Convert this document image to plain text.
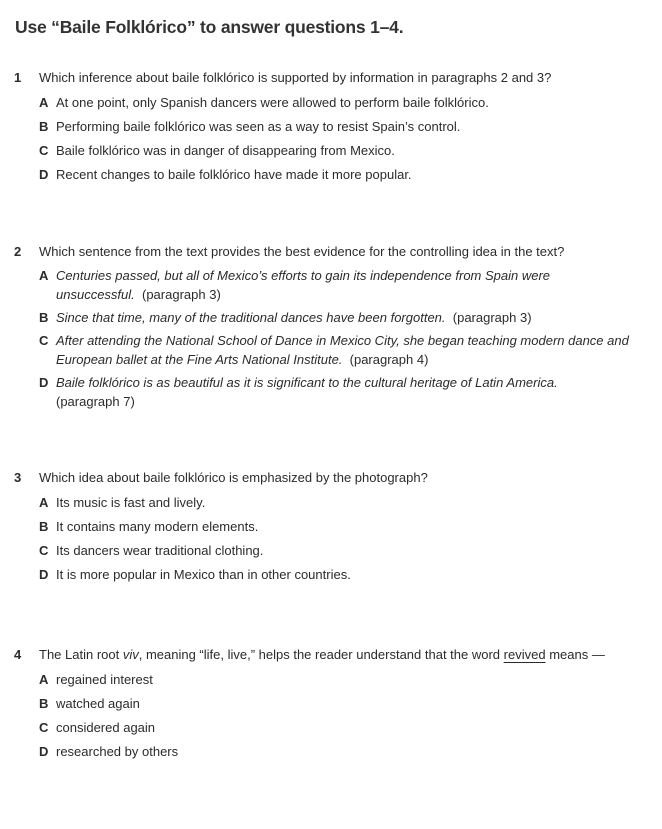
Use “Baile Folklórico” to answer questions 1–4.
1 Which inference about baile folklórico is supported by information in paragraphs 2 and 3?
A At one point, only Spanish dancers were allowed to perform baile folklórico.
B Performing baile folklórico was seen as a way to resist Spain’s control.
C Baile folklórico was in danger of disappearing from Mexico.
D Recent changes to baile folklórico have made it more popular.
2 Which sentence from the text provides the best evidence for the controlling idea in the text?
A Centuries passed, but all of Mexico’s efforts to gain its independence from Spain were unsuccessful. (paragraph 3)
B Since that time, many of the traditional dances have been forgotten. (paragraph 3)
C After attending the National School of Dance in Mexico City, she began teaching modern dance and European ballet at the Fine Arts National Institute. (paragraph 4)
D Baile folklórico is as beautiful as it is significant to the cultural heritage of Latin America.
(paragraph 7)
3 Which idea about baile folklórico is emphasized by the photograph?
A Its music is fast and lively.
B It contains many modern elements.
C Its dancers wear traditional clothing.
D It is more popular in Mexico than in other countries.
4 The Latin root viv, meaning “life, live,” helps the reader understand that the word revived means —
A regained interest
B watched again
C considered again
D researched by others
